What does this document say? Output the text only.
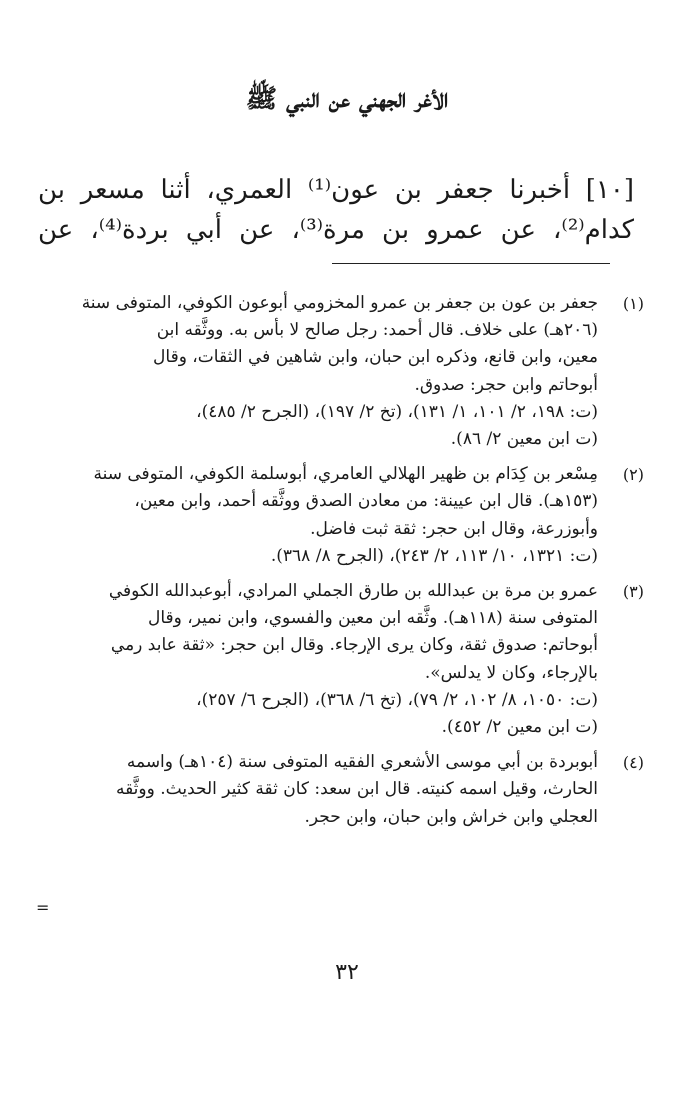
الأغر الجهني عن النبي ﷺ
[١٠] أخبرنا جعفر بن عون⁽¹⁾ العمري، أثنا مسعر بن
كدام⁽²⁾، عن عمرو بن مرة⁽³⁾، عن أبي بردة⁽⁴⁾، عن
(١)
جعفر بن عون بن جعفر بن عمرو المخزومي أبوعون الكوفي، المتوفى سنة
(٢٠٦هـ) على خلاف. قال أحمد: رجل صالح لا بأس به. ووثَّقه ابن
معين، وابن قانع، وذكره ابن حبان، وابن شاهين في الثقات، وقال
أبوحاتم وابن حجر: صدوق.
(ت: ١٩٨، ٢/ ١٠١، ١/ ١٣١)، (تخ ٢/ ١٩٧)، (الجرح ٢/ ٤٨٥)،
(ت ابن معين ٢/ ٨٦).
(٢)
مِسْعر بن كِدَام بن ظهير الهلالي العامري، أبوسلمة الكوفي، المتوفى سنة
(١٥٣هـ). قال ابن عيينة: من معادن الصدق ووثَّقه أحمد، وابن معين،
وأبوزرعة، وقال ابن حجر: ثقة ثبت فاضل.
(ت: ١٣٢١، ١٠/ ١١٣، ٢/ ٢٤٣)، (الجرح ٨/ ٣٦٨).
(٣)
عمرو بن مرة بن عبدالله بن طارق الجملي المرادي، أبوعبدالله الكوفي
المتوفى سنة (١١٨هـ). وثَّقه ابن معين والفسوي، وابن نمير، وقال
أبوحاتم: صدوق ثقة، وكان يرى الإرجاء. وقال ابن حجر: «ثقة عابد رمي
بالإرجاء، وكان لا يدلس».
(ت: ١٠٥٠، ٨/ ١٠٢، ٢/ ٧٩)، (تخ ٦/ ٣٦٨)، (الجرح ٦/ ٢٥٧)،
(ت ابن معين ٢/ ٤٥٢).
(٤)
أبوبردة بن أبي موسى الأشعري الفقيه المتوفى سنة (١٠٤هـ) واسمه
الحارث، وقيل اسمه كنيته. قال ابن سعد: كان ثقة كثير الحديث. ووثَّقه
العجلي وابن خراش وابن حبان، وابن حجر.
=
٣٢
